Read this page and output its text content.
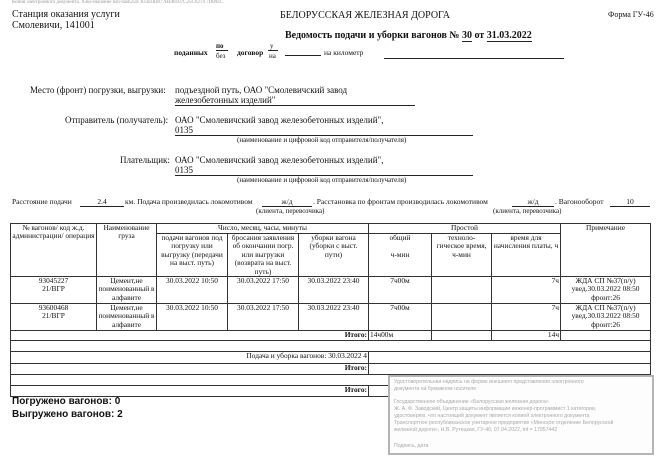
Копия электронного документа. Хэш-значение hsh-hash256: 833E0D877B448107C25C6274 7D89D...
Станция оказания услуги
Смолевичи, 141001
БЕЛОРУССКАЯ ЖЕЛЕЗНАЯ ДОРОГА	Форма ГУ-46
Ведомость подачи и уборки вагонов № 30 от 31.03.2022
поданных
по
без договор
у
на	на километр
Место (фронт) погрузки, выгрузки: подъездной путь, ОАО "Смолевичский завод
железобетонных изделий"
Отправитель (получатель): ОАО "Смолевичский завод железобетонных изделий",
0135
(наименование и цифровой код отправителя/получателя)
Плательщик: ОАО "Смолевичский завод железобетонных изделий",
0135
(наименование и цифровой код отправителя/получателя)
Расстояние подачи	2.4	км. Подача произведилась локомотивом	ж/д	. Расстановка по фронтам производилась локомотивом	ж/д	. Вагонооборот	10
(клиента, перевозчика)	(клиента, перевозчика)
№ вагонов/ код ж.д. администрации/ операция	Наименование груза	Число, месяц, часы, минуты			Простой			Примечание
		подачи вагонов под погрузку или выгрузку (передачи на выст. путь)	бросания заявления об окончании погр. или выгрузки (возврата на выст. путь)	уборки вагона (уборки с выст. пути)	общий

ч-мин	техноло- гическое время, ч-мин	время для начисления платы, ч	
93045227
21/ВГР	Цемент,не поименованный в алфавите	30.03.2022 10:50	30.03.2022 17:50	30.03.2022 23:40	7ч00м		7ч	ЖДА СП №37(п/у) увед.30.03.2022 08:50 фронт:26
93600468
21/ВГР	Цемент,не поименованный в алфавите	30.03.2022 10:50	30.03.2022 17:50	30.03.2022 23:40	7ч00м		7ч	ЖДА СП №37(п/у) увед.30.03.2022 08:50 фронт:26
Итого:					14ч00м		14ч	

Подача и уборка вагонов: 30.03.2022 4								
Итого:								

Итого:								
Погружено вагонов: 0
Выгружено вагонов: 2
Удостоверительная надпись на форме внешнего представления электронного
документа на бумажном носителе
Государственное объединение «Белорусская железная дорога»
Ж. А. Ф. Заводский, Центр защиты информации инженер-программист 1 категории,
удостоверяю, что настоящий документ является копией электронного документа
Транспортное республиканское унитарное предприятие «Минское отделение Белорусской
железной дороги», Н.В. Рутецкая, ГУ-46; 07.04.2022, inf = 17957442
Подпись, дата
